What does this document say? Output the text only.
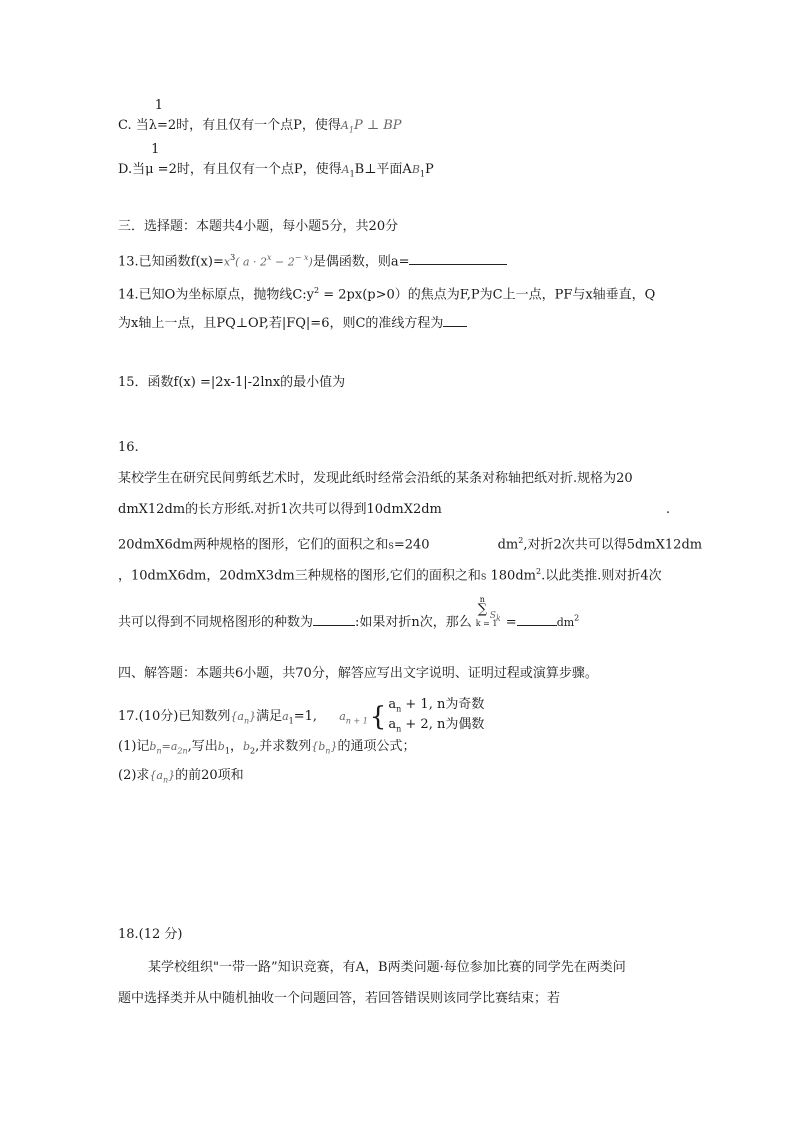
C. 当
1
λ=2时，有且仅有一个点P，使得$A_1P$ ⊥ BP
D.当
1
μ =2时，有且仅有一个点P，使得$A_1B\perp$平面$AB_1P$
三．选择题：本题共4小题，每小题5分，共20分
13.已知函数$f(x)=x^3$( $a \cdot 2^x - 2^{- x}$)是偶函数，则a=
14.已知O为坐标原点，抛物线$C:y^2 = 2px(p>0)$的焦点为F,P为C上一点，PF与x轴垂直，Q
为x轴上一点，且PQ⊥OP,若|FQ|=6，则C的准线方程为
15．函数f(x) =|2x-1|-2lnx的最小值为
16.
某校学生在研究民间剪纸艺术时，发现此纸时经常会沿纸的某条对称轴把纸对折.规格为20
dmX12dm的长方形纸.对折1次共可以得到10dmX2dm	.
20dmX6dm两种规格的图形，它们的面积之和S=240	$dm^2$,对折2次共可以得5dmX12dm
，10dmX6dm，20dmX3dm三种规格的图形,它们的面积之和S $180dm^2$.以此类推.则对折4次
共可以得到不同规格图形的种数为	:如果对折n次，那么
n
∑
k = 1
$S_k$ =	$dm^2$
四、解答题：本题共6小题，共70分，解答应写出文字说明、证明过程或演算步骤。
17.(10分)已知数列$\{a_n\}$满足$a_1=1$, $a_{n + 1}${ $a_n + 1$, n为奇数
$a_n + 2$, n为偶数
(1)记$b_n=a_{2n}$,写出$b_1$，$b_2$,并求数列$\{b_n\}$的通项公式；
(2)求$\{a_n\}$的前20项和
18.(12 分)
某学校组织"一带一路”知识竞赛，有A，B两类问题·每位参加比赛的同学先在两类问
题中选择类并从中随机抽收一个问题回答，若回答错误则该同学比赛结束；若
